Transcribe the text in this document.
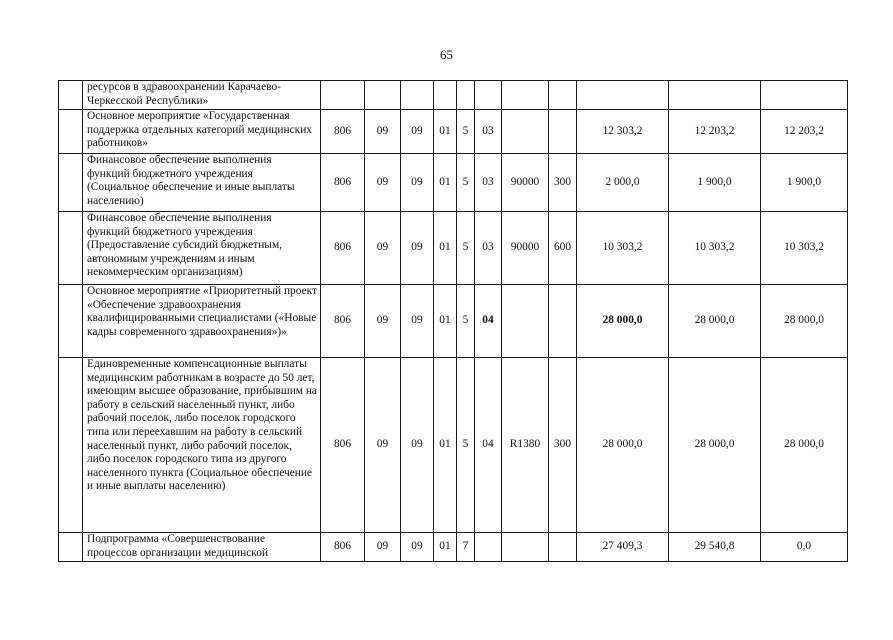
65
	ресурсов в здравоохранении Карачаево-Черкесской Республики»											
	Основное мероприятие «Государственная поддержка отдельных категорий медицинских работников»	806	09	09	01	5	03			12 303,2	12 203,2	12 203,2
	Финансовое обеспечение выполнения функций бюджетного учреждения (Социальное обеспечение и иные выплаты населению)	806	09	09	01	5	03	90000	300	2 000,0	1 900,0	1 900,0
	Финансовое обеспечение выполнения функций бюджетного учреждения (Предоставление субсидий бюджетным, автономным учреждениям и иным некоммерческим организациям)	806	09	09	01	5	03	90000	600	10 303,2	10 303,2	10 303,2
	Основное мероприятие «Приоритетный проект «Обеспечение здравоохранения квалифицированными специалистами («Новые кадры современного здравоохранения»)»	806	09	09	01	5	04			28 000,0	28 000,0	28 000,0
	Единовременные компенсационные выплаты медицинским работникам в возрасте до 50 лет, имеющим высшее образование, прибывшим на работу в сельский населенный пункт, либо рабочий поселок, либо поселок городского типа или переехавшим на работу в сельский населенный пункт, либо рабочий поселок, либо поселок городского типа из другого населенного пункта (Социальное обеспечение и иные выплаты населению)	806	09	09	01	5	04	R1380	300	28 000,0	28 000,0	28 000,0
	Подпрограмма «Совершенствование процессов организации медицинской	806	09	09	01	7				27 409,3	29 540,8	0,0
